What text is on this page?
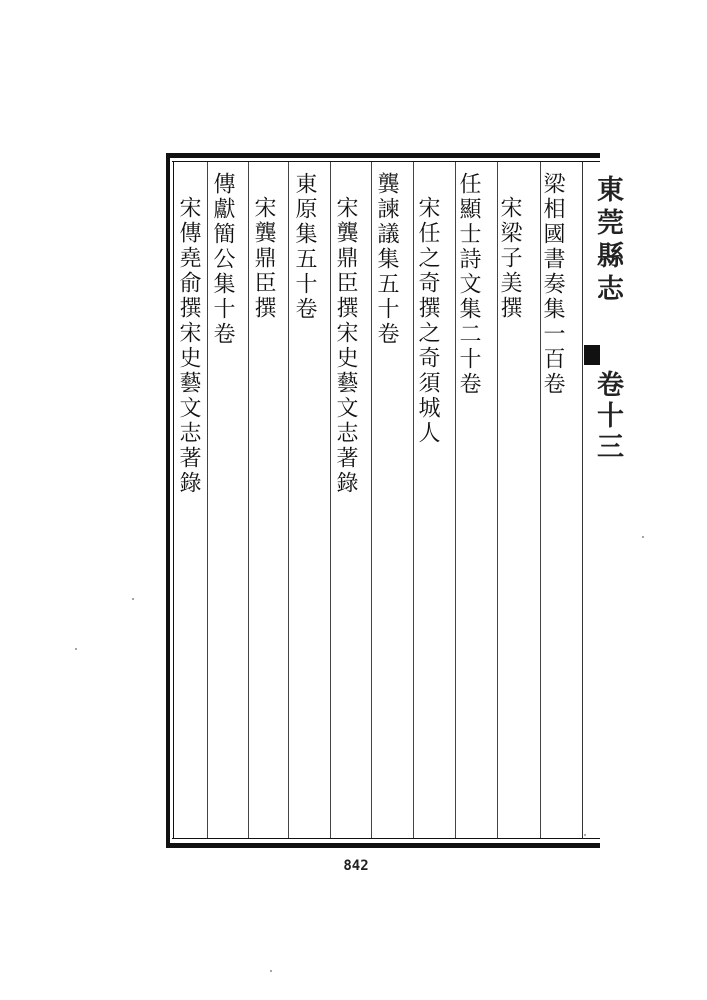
東莞縣志
卷十三
梁相國書奏集一百卷
宋梁子美撰
任顯士詩文集二十卷
宋任之奇撰之奇須城人
龔諫議集五十卷
宋龔鼎臣撰宋史藝文志著錄
東原集五十卷
宋龔鼎臣撰
傳獻簡公集十卷
宋傳堯俞撰宋史藝文志著錄
842
